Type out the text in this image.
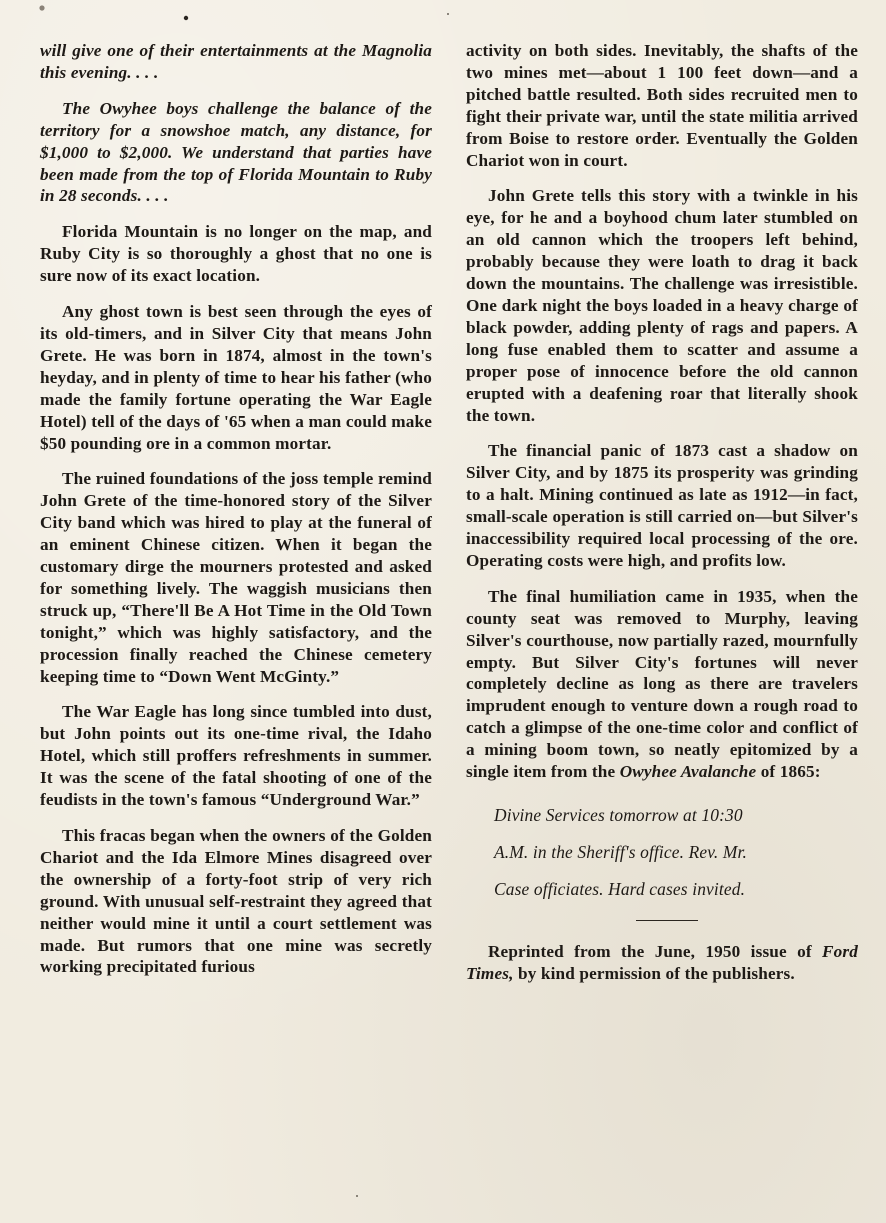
will give one of their entertainments at the Magnolia this evening. . . .

The Owyhee boys challenge the balance of the territory for a snowshoe match, any distance, for $1,000 to $2,000. We understand that parties have been made from the top of Florida Mountain to Ruby in 28 seconds. . . .

Florida Mountain is no longer on the map, and Ruby City is so thoroughly a ghost that no one is sure now of its exact location.

Any ghost town is best seen through the eyes of its old-timers, and in Silver City that means John Grete. He was born in 1874, almost in the town's heyday, and in plenty of time to hear his father (who made the family fortune operating the War Eagle Hotel) tell of the days of '65 when a man could make $50 pounding ore in a common mortar.

The ruined foundations of the joss temple remind John Grete of the time-honored story of the Silver City band which was hired to play at the funeral of an eminent Chinese citizen. When it began the customary dirge the mourners protested and asked for something lively. The waggish musicians then struck up, “There'll Be A Hot Time in the Old Town tonight,” which was highly satisfactory, and the procession finally reached the Chinese cemetery keeping time to “Down Went McGinty.”

The War Eagle has long since tumbled into dust, but John points out its one-time rival, the Idaho Hotel, which still proffers refreshments in summer. It was the scene of the fatal shooting of one of the feudists in the town's famous “Underground War.”

This fracas began when the owners of the Golden Chariot and the Ida Elmore Mines disagreed over the ownership of a forty-foot strip of very rich ground. With unusual self-restraint they agreed that neither would mine it until a court settlement was made. But rumors that one mine was secretly working precipitated furious

activity on both sides. Inevitably, the shafts of the two mines met—about 1 100 feet down—and a pitched battle resulted. Both sides recruited men to fight their private war, until the state militia arrived from Boise to restore order. Eventually the Golden Chariot won in court.

John Grete tells this story with a twinkle in his eye, for he and a boyhood chum later stumbled on an old cannon which the troopers left behind, probably because they were loath to drag it back down the mountains. The challenge was irresistible. One dark night the boys loaded in a heavy charge of black powder, adding plenty of rags and papers. A long fuse enabled them to scatter and assume a proper pose of innocence before the old cannon erupted with a deafening roar that literally shook the town.

The financial panic of 1873 cast a shadow on Silver City, and by 1875 its prosperity was grinding to a halt. Mining continued as late as 1912—in fact, small-scale operation is still carried on—but Silver's inaccessibility required local processing of the ore. Operating costs were high, and profits low.

The final humiliation came in 1935, when the county seat was removed to Murphy, leaving Silver's courthouse, now partially razed, mournfully empty. But Silver City's fortunes will never completely decline as long as there are travelers imprudent enough to venture down a rough road to catch a glimpse of the one-time color and conflict of a mining boom town, so neatly epitomized by a single item from the Owyhee Avalanche of 1865:

Divine Services tomorrow at 10:30
A.M. in the Sheriff's office. Rev. Mr.
Case officiates. Hard cases invited.

Reprinted from the June, 1950 issue of Ford Times, by kind permission of the publishers.
